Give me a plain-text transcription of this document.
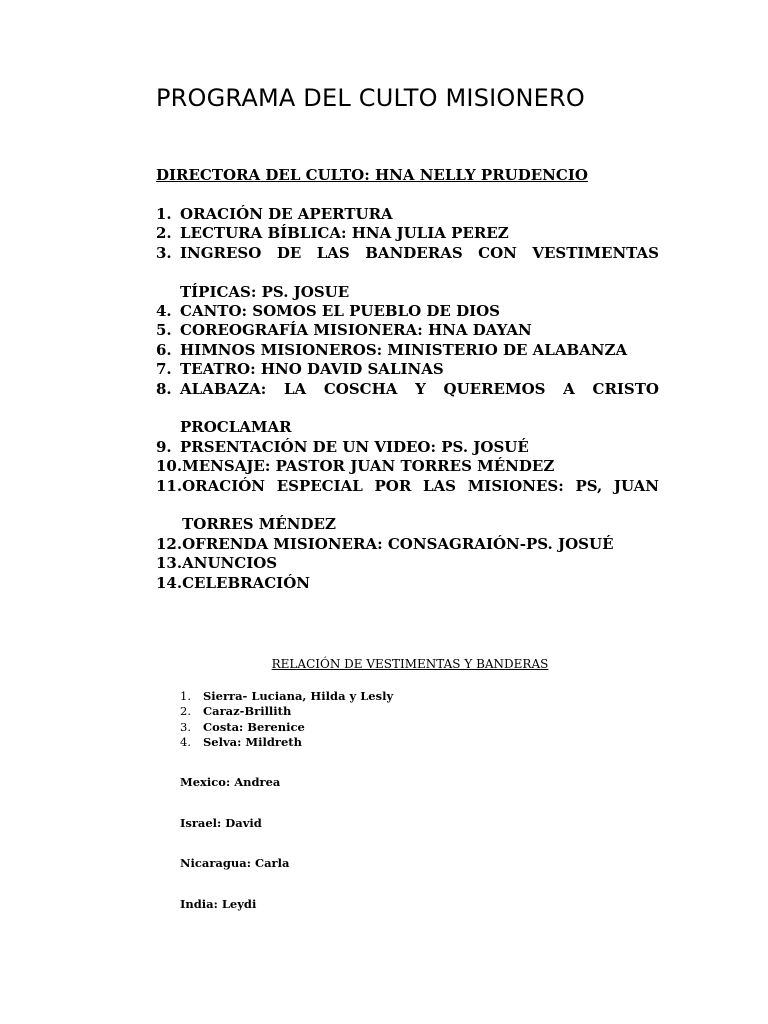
PROGRAMA DEL CULTO MISIONERO
DIRECTORA DEL CULTO: HNA NELLY PRUDENCIO
1. ORACIÓN DE APERTURA
2. LECTURA BÍBLICA: HNA JULIA PEREZ
3. INGRESO DE LAS BANDERAS CON VESTIMENTAS
TÍPICAS: PS. JOSUE
4. CANTO: SOMOS EL PUEBLO DE DIOS
5. COREOGRAFÍA MISIONERA: HNA DAYAN
6. HIMNOS MISIONEROS: MINISTERIO DE ALABANZA
7. TEATRO: HNO DAVID SALINAS
8. ALABAZA: LA COSCHA Y QUEREMOS A CRISTO
PROCLAMAR
9. PRSENTACIÓN DE UN VIDEO: PS. JOSUÉ
10. MENSAJE: PASTOR JUAN TORRES MÉNDEZ
11. ORACIÓN ESPECIAL POR LAS MISIONES: PS, JUAN
TORRES MÉNDEZ
12. OFRENDA MISIONERA: CONSAGRAIÓN-PS. JOSUÉ
13. ANUNCIOS
14. CELEBRACIÓN
RELACIÓN DE VESTIMENTAS Y BANDERAS
1.	Sierra- Luciana, Hilda y Lesly
2.	Caraz-Brillith
3.	Costa: Berenice
4.	Selva: Mildreth
Mexico: Andrea
Israel: David
Nicaragua: Carla
India: Leydi
